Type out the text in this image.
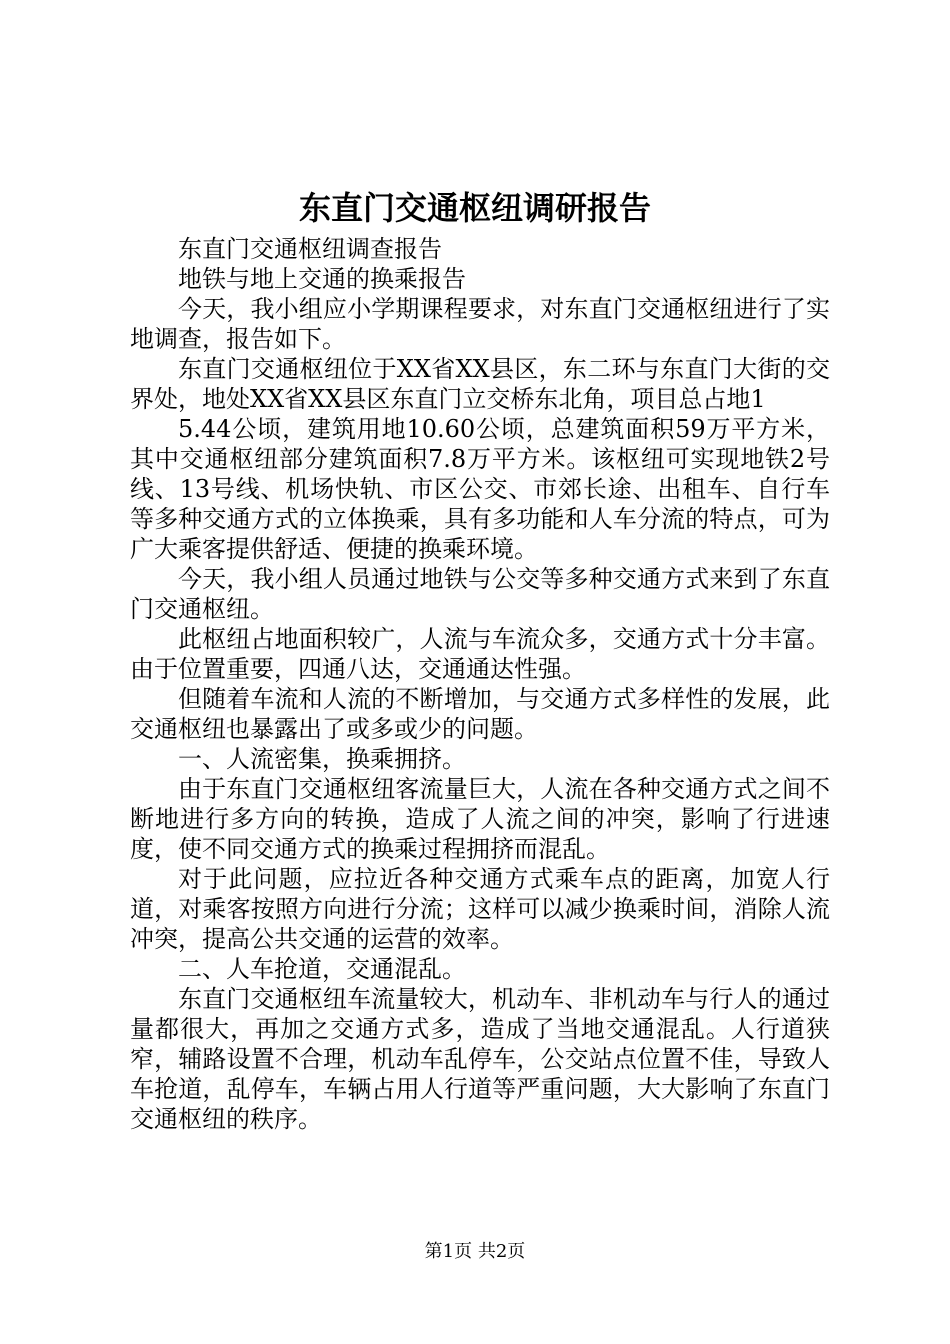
东直门交通枢纽调研报告

东直门交通枢纽调查报告

地铁与地上交通的换乘报告

今天，我小组应小学期课程要求，对东直门交通枢纽进行了实地调查，报告如下。

东直门交通枢纽位于XX省XX县区，东二环与东直门大街的交界处，地处XX省XX县区东直门立交桥东北角，项目总占地1

5.44公顷，建筑用地10.60公顷，总建筑面积59万平方米，其中交通枢纽部分建筑面积7.8万平方米。该枢纽可实现地铁2号线、13号线、机场快轨、市区公交、市郊长途、出租车、自行车等多种交通方式的立体换乘，具有多功能和人车分流的特点，可为广大乘客提供舒适、便捷的换乘环境。

今天，我小组人员通过地铁与公交等多种交通方式来到了东直门交通枢纽。

此枢纽占地面积较广，人流与车流众多，交通方式十分丰富。由于位置重要，四通八达，交通通达性强。

但随着车流和人流的不断增加，与交通方式多样性的发展，此交通枢纽也暴露出了或多或少的问题。

一、人流密集，换乘拥挤。

由于东直门交通枢纽客流量巨大，人流在各种交通方式之间不断地进行多方向的转换，造成了人流之间的冲突，影响了行进速度，使不同交通方式的换乘过程拥挤而混乱。

对于此问题，应拉近各种交通方式乘车点的距离，加宽人行道，对乘客按照方向进行分流；这样可以减少换乘时间，消除人流冲突，提高公共交通的运营的效率。

二、人车抢道，交通混乱。

东直门交通枢纽车流量较大，机动车、非机动车与行人的通过量都很大，再加之交通方式多，造成了当地交通混乱。人行道狭窄，辅路设置不合理，机动车乱停车，公交站点位置不佳，导致人车抢道，乱停车，车辆占用人行道等严重问题，大大影响了东直门交通枢纽的秩序。

第1页 共2页
